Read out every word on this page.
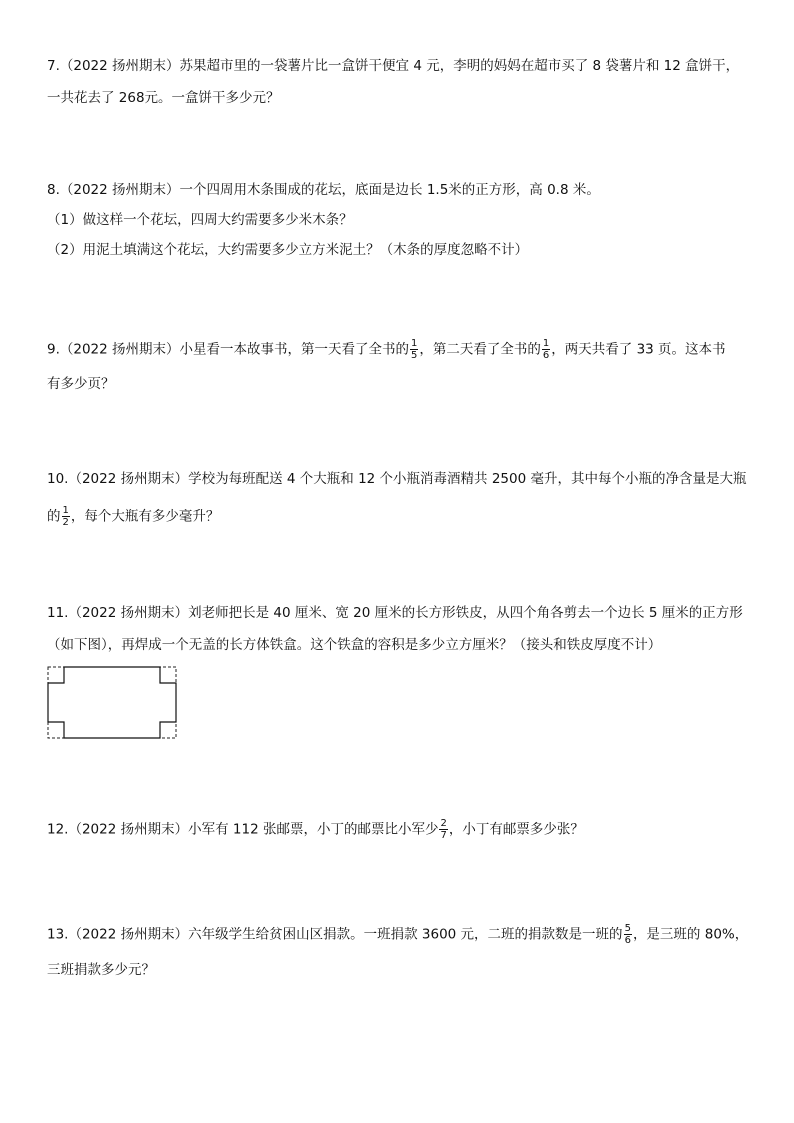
7.（2022 扬州期末）苏果超市里的一袋薯片比一盒饼干便宜 4 元，李明的妈妈在超市买了 8 袋薯片和 12 盒饼干，
一共花去了 268元。一盒饼干多少元？
8.（2022 扬州期末）一个四周用木条围成的花坛，底面是边长 1.5米的正方形，高 0.8 米。
（1）做这样一个花坛，四周大约需要多少米木条？
（2）用泥土填满这个花坛，大约需要多少立方米泥土？（木条的厚度忽略不计）
9.（2022 扬州期末）小星看一本故事书，第一天看了全书的 $\frac{1}{5}$ ，第二天看了全书的 $\frac{1}{6}$ ，两天共看了 33 页。这本书
有多少页？
10.（2022 扬州期末）学校为每班配送 4 个大瓶和 12 个小瓶消毒酒精共 2500 毫升，其中每个小瓶的净含量是大瓶
的 $\frac{1}{2}$ ，每个大瓶有多少毫升？
11.（2022 扬州期末）刘老师把长是 40 厘米、宽 20 厘米的长方形铁皮，从四个角各剪去一个边长 5 厘米的正方形
（如下图），再焊成一个无盖的长方体铁盒。这个铁盒的容积是多少立方厘米？（接头和铁皮厚度不计）
12.（2022 扬州期末）小军有 112 张邮票，小丁的邮票比小军少 $\frac{2}{7}$ ，小丁有邮票多少张？
13.（2022 扬州期末）六年级学生给贫困山区捐款。一班捐款 3600 元，二班的捐款数是一班的 $\frac{5}{6}$ ，是三班的 80%，
三班捐款多少元？
